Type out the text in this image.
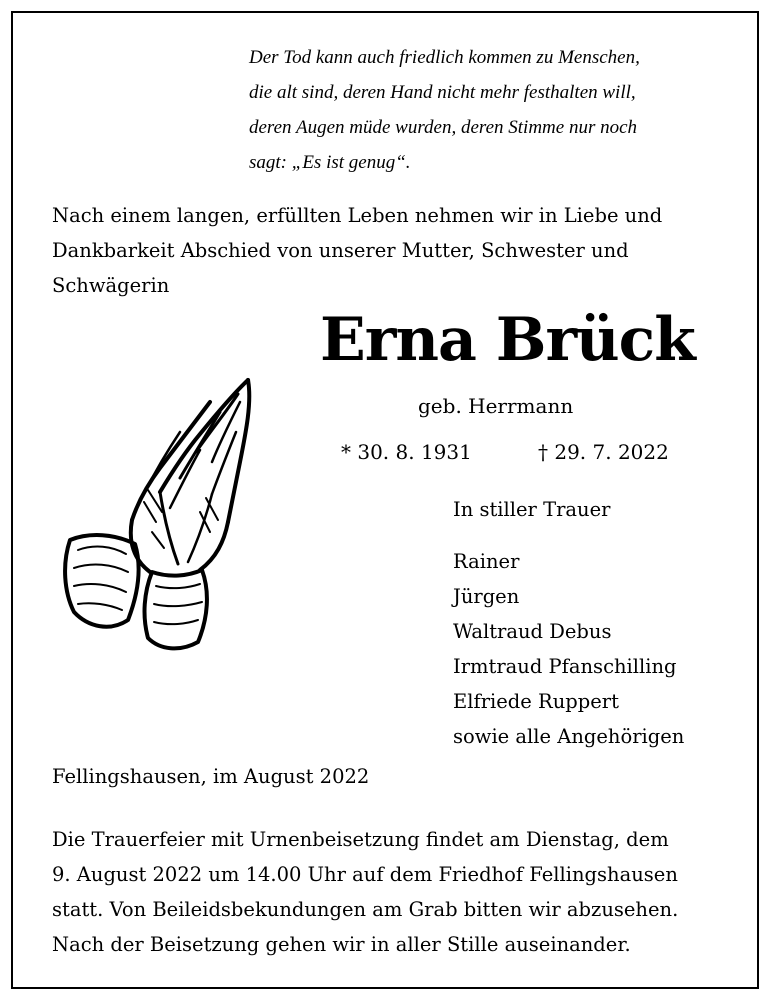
Der Tod kann auch friedlich kommen zu Menschen,
die alt sind, deren Hand nicht mehr festhalten will,
deren Augen müde wurden, deren Stimme nur noch
sagt: „Es ist genug“.
Nach einem langen, erfüllten Leben nehmen wir in Liebe und
Dankbarkeit Abschied von unserer Mutter, Schwester und
Schwägerin
Erna Brück
geb. Herrmann
* 30. 8. 1931	† 29. 7. 2022
In stiller Trauer
Rainer
Jürgen
Waltraud Debus
Irmtraud Pfanschilling
Elfriede Ruppert
sowie alle Angehörigen
Fellingshausen, im August 2022
Die Trauerfeier mit Urnenbeisetzung findet am Dienstag, dem
9. August 2022 um 14.00 Uhr auf dem Friedhof Fellingshausen
statt. Von Beileidsbekundungen am Grab bitten wir abzusehen.
Nach der Beisetzung gehen wir in aller Stille auseinander.
